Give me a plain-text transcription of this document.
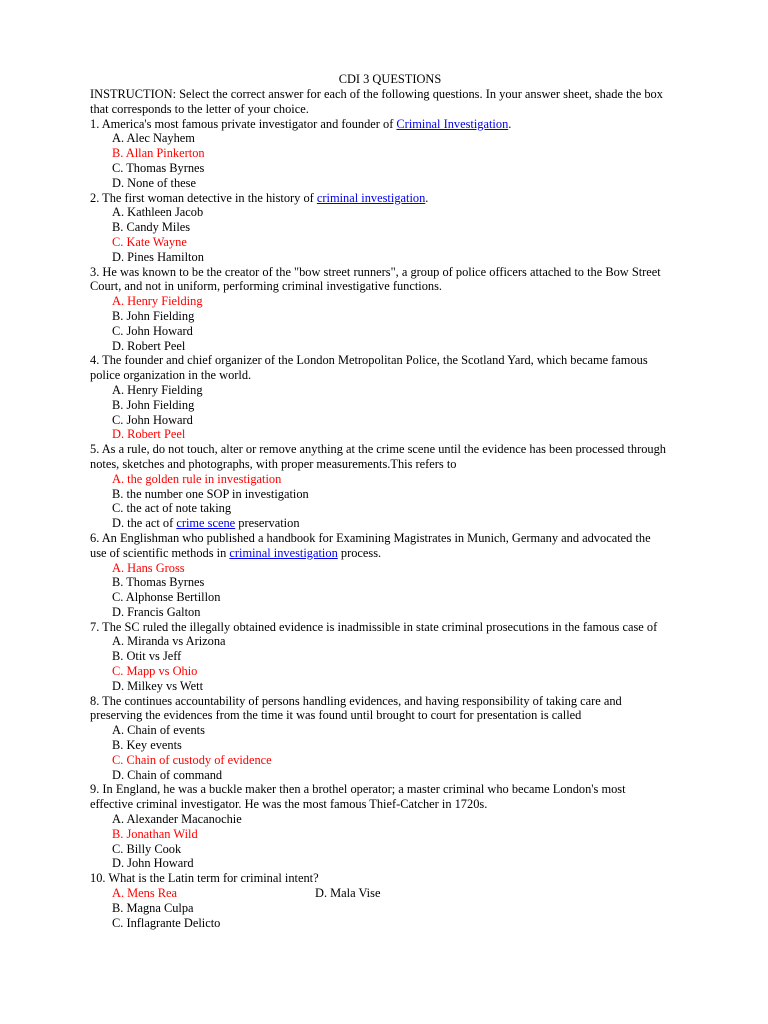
CDI 3 QUESTIONS
INSTRUCTION: Select the correct answer for each of the following questions. In your answer sheet, shade the box that corresponds to the letter of your choice.
1. America's most famous private investigator and founder of Criminal Investigation.
A. Alec Nayhem
B. Allan Pinkerton
C. Thomas Byrnes
D. None of these
2. The first woman detective in the history of criminal investigation.
A. Kathleen Jacob
B. Candy Miles
C. Kate Wayne
D. Pines Hamilton
3. He was known to be the creator of the "bow street runners", a group of police officers attached to the Bow Street Court, and not in uniform, performing criminal investigative functions.
A. Henry Fielding
B. John Fielding
C. John Howard
D. Robert Peel
4. The founder and chief organizer of the London Metropolitan Police, the Scotland Yard, which became famous police organization in the world.
A. Henry Fielding
B. John Fielding
C. John Howard
D. Robert Peel
5. As a rule, do not touch, alter or remove anything at the crime scene until the evidence has been processed through notes, sketches and photographs, with proper measurements.This refers to
A. the golden rule in investigation
B. the number one SOP in investigation
C. the act of note taking
D. the act of crime scene preservation
6. An Englishman who published a handbook for Examining Magistrates in Munich, Germany and advocated the use of scientific methods in criminal investigation process.
A. Hans Gross
B. Thomas Byrnes
C. Alphonse Bertillon
D. Francis Galton
7. The SC ruled the illegally obtained evidence is inadmissible in state criminal prosecutions in the famous case of
A. Miranda vs Arizona
B. Otit vs Jeff
C. Mapp vs Ohio
D. Milkey vs Wett
8. The continues accountability of persons handling evidences, and having responsibility of taking care and preserving the evidences from the time it was found until brought to court for presentation is called
A. Chain of events
B. Key events
C. Chain of custody of evidence
D. Chain of command
9. In England, he was a buckle maker then a brothel operator; a master criminal who became London's most effective criminal investigator. He was the most famous Thief-Catcher in 1720s.
A. Alexander Macanochie
B. Jonathan Wild
C. Billy Cook
D. John Howard
10. What is the Latin term for criminal intent?
A. Mens Rea	D. Mala Vise
B. Magna Culpa
C. Inflagrante Delicto
